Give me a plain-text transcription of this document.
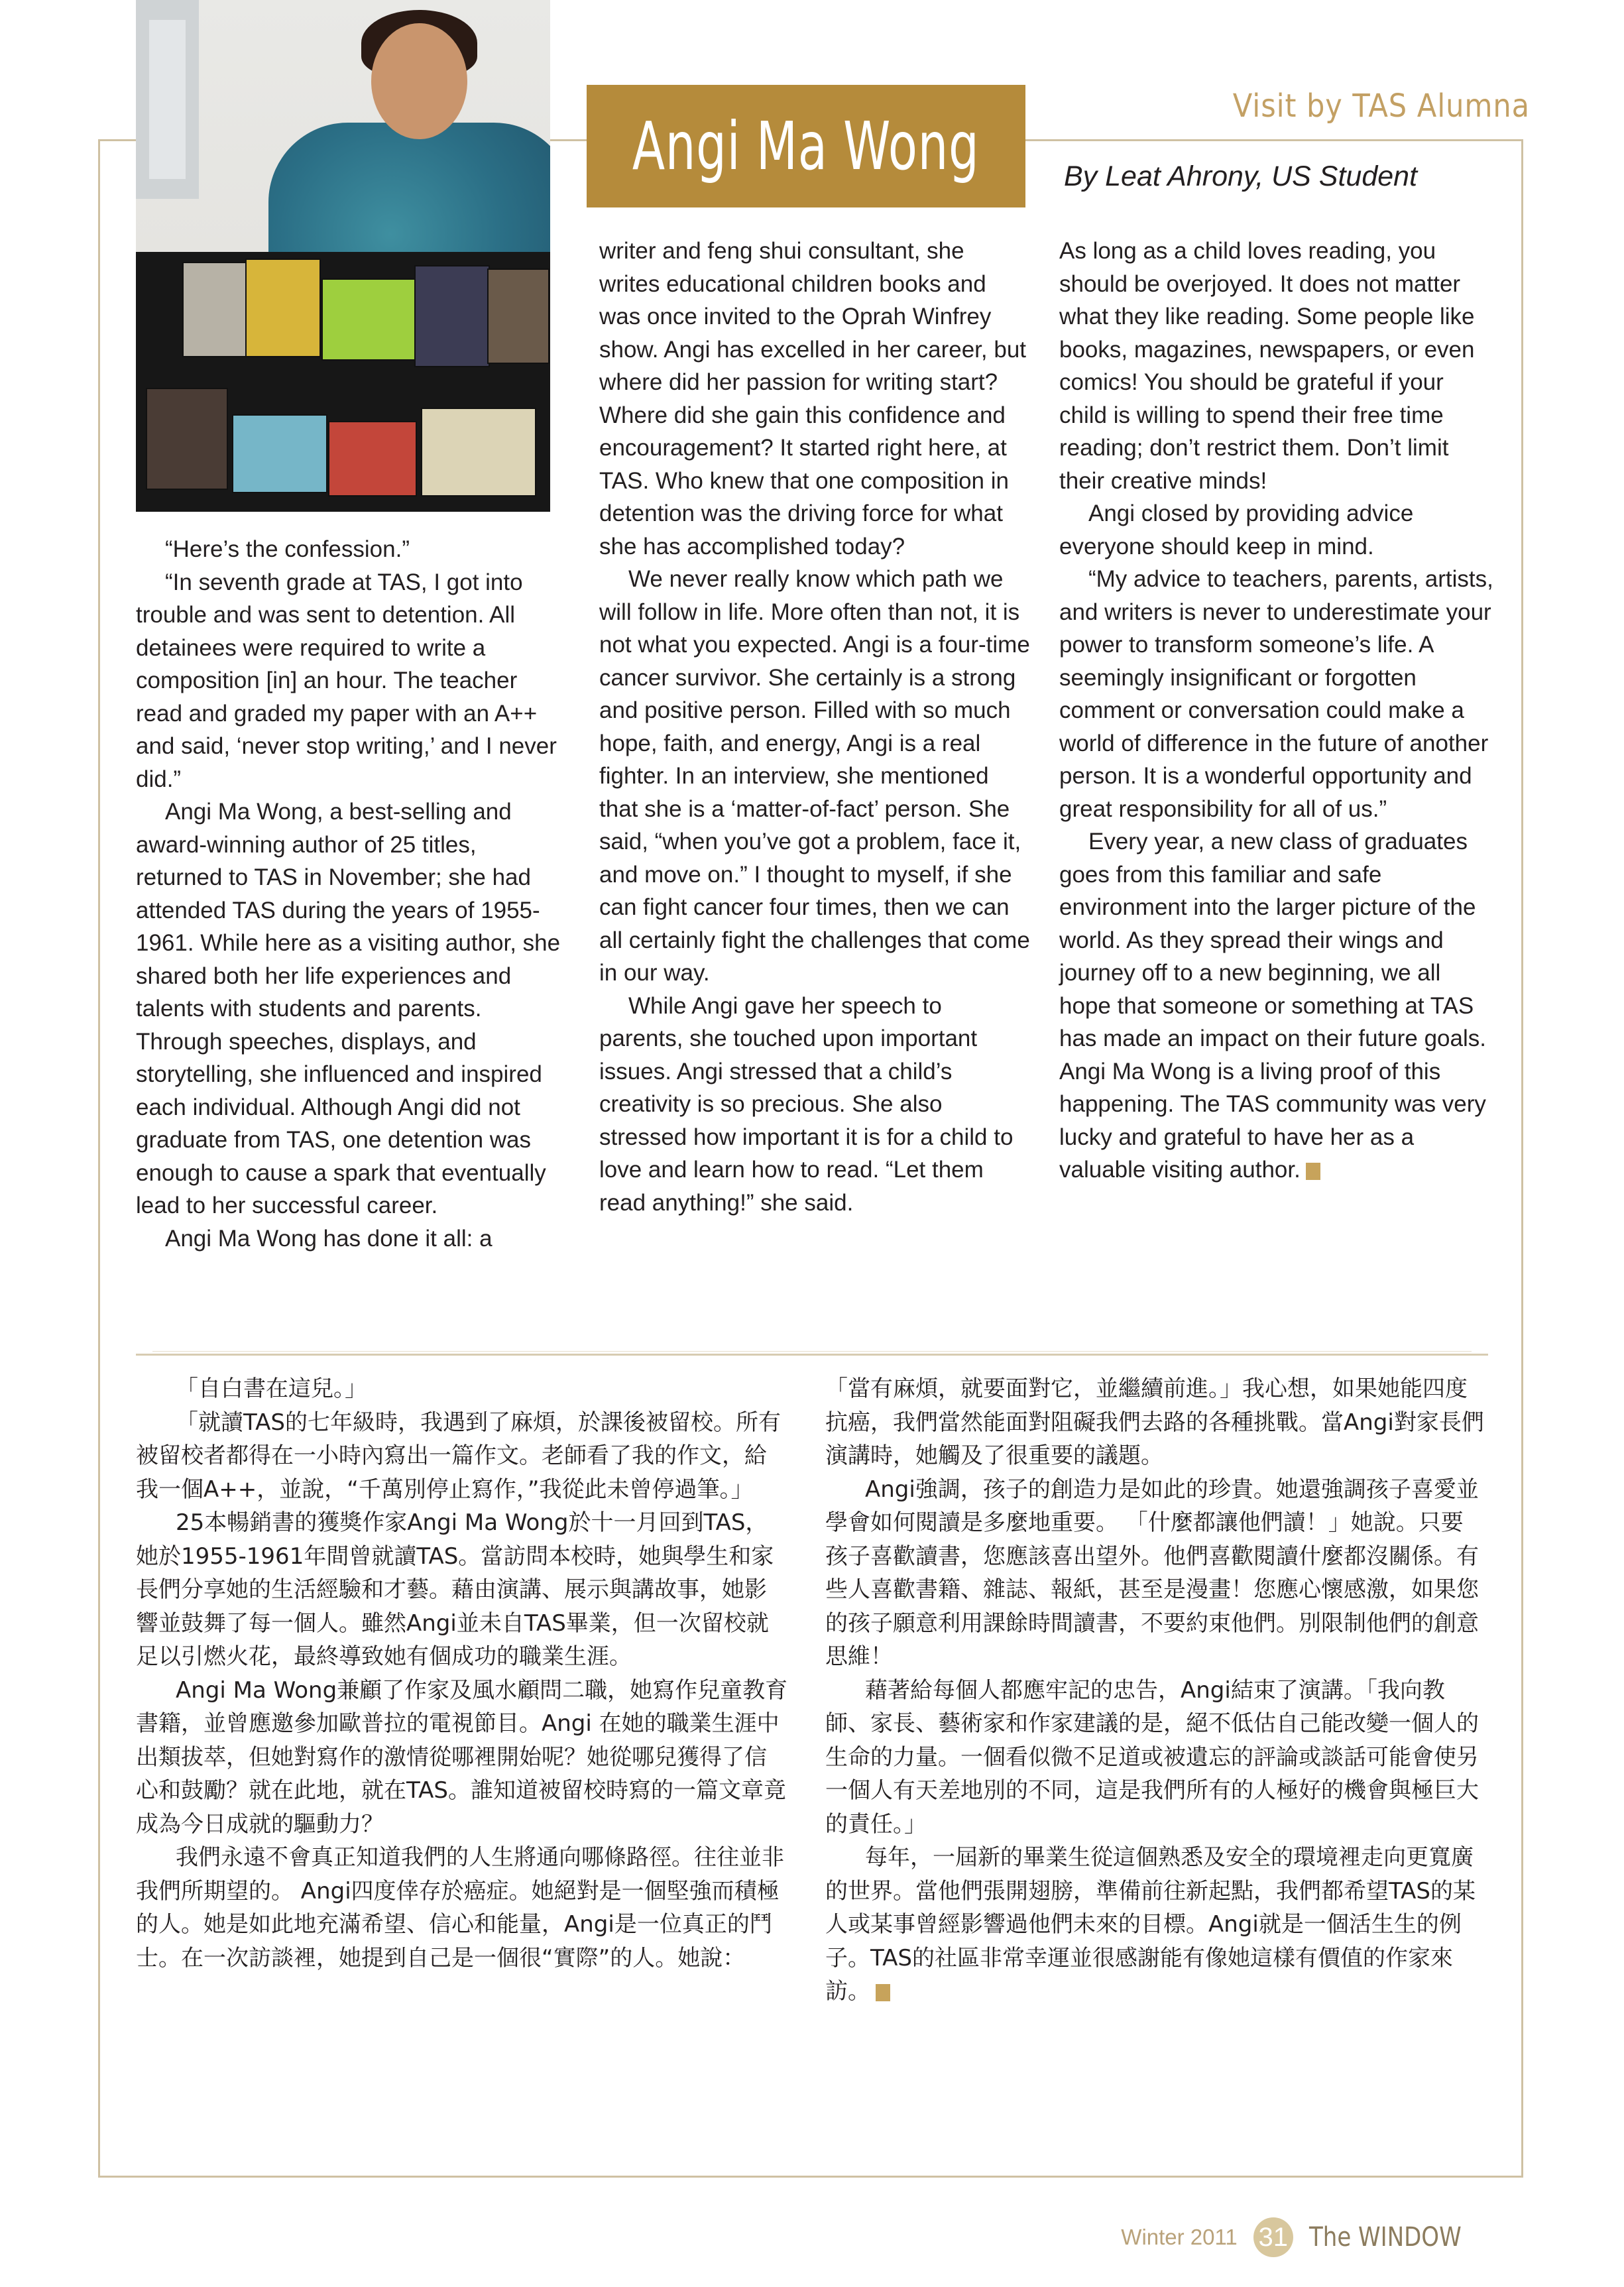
Visit by TAS Alumna
Angi Ma Wong	By Leat Ahrony, US Student

“Here’s the confession.”

“In seventh grade at TAS, I got into trouble and was sent to detention. All detainees were required to write a composition [in] an hour. The teacher read and graded my paper with an A++ and said, ‘never stop writing,’ and I never did.”

Angi Ma Wong, a best-selling and award-winning author of 25 titles, returned to TAS in November; she had attended TAS during the years of 1955-1961. While here as a visiting author, she shared both her life experiences and talents with students and parents. Through speeches, displays, and storytelling, she influenced and inspired each individual. Although Angi did not graduate from TAS, one detention was enough to cause a spark that eventually lead to her successful career.

Angi Ma Wong has done it all: a

writer and feng shui consultant, she writes educational children books and was once invited to the Oprah Winfrey show. Angi has excelled in her career, but where did her passion for writing start? Where did she gain this confidence and encouragement? It started right here, at TAS. Who knew that one composition in detention was the driving force for what she has accomplished today?

We never really know which path we will follow in life. More often than not, it is not what you expected. Angi is a four-time cancer survivor. She certainly is a strong and positive person. Filled with so much hope, faith, and energy, Angi is a real fighter. In an interview, she mentioned that she is a ‘matter-of-fact’ person. She said, “when you’ve got a problem, face it, and move on.” I thought to myself, if she can fight cancer four times, then we can all certainly fight the challenges that come in our way.

While Angi gave her speech to parents, she touched upon important issues. Angi stressed that a child’s creativity is so precious. She also stressed how important it is for a child to love and learn how to read. “Let them read anything!” she said.

As long as a child loves reading, you should be overjoyed. It does not matter what they like reading. Some people like books, magazines, newspapers, or even comics! You should be grateful if your child is willing to spend their free time reading; don’t restrict them. Don’t limit their creative minds!

Angi closed by providing advice everyone should keep in mind.

“My advice to teachers, parents, artists, and writers is never to underestimate your power to transform someone’s life. A seemingly insignificant or forgotten comment or conversation could make a world of difference in the future of another person. It is a wonderful opportunity and great responsibility for all of us.”

Every year, a new class of graduates goes from this familiar and safe environment into the larger picture of the world. As they spread their wings and journey off to a new beginning, we all hope that someone or something at TAS has made an impact on their future goals. Angi Ma Wong is a living proof of this happening. The TAS community was very lucky and grateful to have her as a valuable visiting author.

「自白書在這兒。」

「就讀TAS的七年級時，我遇到了麻煩，於課後被留校。所有被留校者都得在一小時內寫出一篇作文。老師看了我的作文，給我一個A++，並說，“千萬別停止寫作，”我從此未曾停過筆。」

25本暢銷書的獲獎作家Angi Ma Wong於十一月回到TAS，她於1955-1961年間曾就讀TAS。當訪問本校時，她與學生和家長們分享她的生活經驗和才藝。藉由演講、展示與講故事，她影響並鼓舞了每一個人。雖然Angi並未自TAS畢業，但一次留校就足以引燃火花，最終導致她有個成功的職業生涯。

Angi Ma Wong兼顧了作家及風水顧問二職，她寫作兒童教育書籍，並曾應邀參加歐普拉的電視節目。Angi 在她的職業生涯中出類拔萃，但她對寫作的激情從哪裡開始呢？她從哪兒獲得了信心和鼓勵？就在此地，就在TAS。誰知道被留校時寫的一篇文章竟成為今日成就的驅動力？

我們永遠不會真正知道我們的人生將通向哪條路徑。往往並非我們所期望的。 Angi四度倖存於癌症。她絕對是一個堅強而積極的人。她是如此地充滿希望、信心和能量，Angi是一位真正的鬥士。在一次訪談裡，她提到自己是一個很“實際”的人。她說：

「當有麻煩，就要面對它，並繼續前進。」我心想，如果她能四度抗癌，我們當然能面對阻礙我們去路的各種挑戰。當Angi對家長們演講時，她觸及了很重要的議題。

Angi強調，孩子的創造力是如此的珍貴。她還強調孩子喜愛並學會如何閱讀是多麼地重要。 「什麼都讓他們讀！」她說。只要孩子喜歡讀書，您應該喜出望外。他們喜歡閱讀什麼都沒關係。有些人喜歡書籍、雜誌、報紙，甚至是漫畫！您應心懷感激，如果您的孩子願意利用課餘時間讀書，不要約束他們。別限制他們的創意思維！

藉著給每個人都應牢記的忠告，Angi結束了演講。「我向教師、家長、藝術家和作家建議的是，絕不低估自己能改變一個人的生命的力量。一個看似微不足道或被遺忘的評論或談話可能會使另一個人有天差地別的不同，這是我們所有的人極好的機會與極巨大的責任。」

每年，一屆新的畢業生從這個熟悉及安全的環境裡走向更寬廣的世界。當他們張開翅膀，準備前往新起點，我們都希望TAS的某人或某事曾經影響過他們未來的目標。Angi就是一個活生生的例子。TAS的社區非常幸運並很感謝能有像她這樣有價值的作家來訪。

Winter 2011 31 The WINDOW
